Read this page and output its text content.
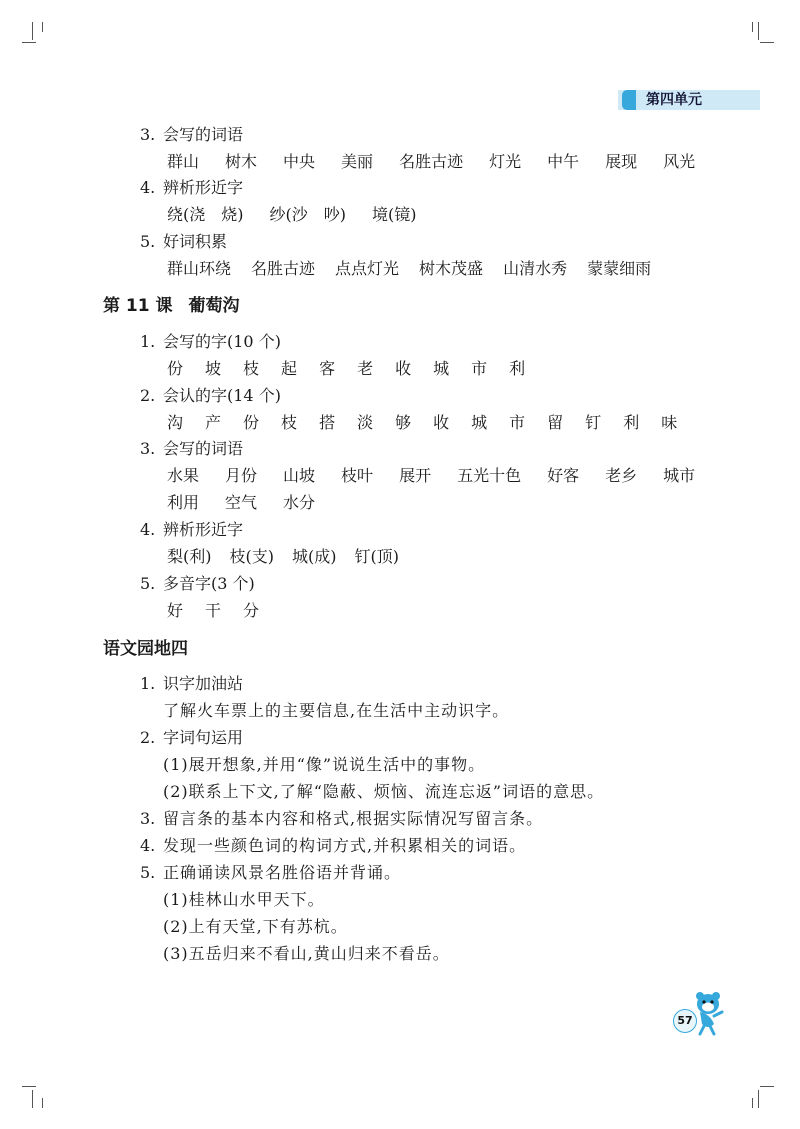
第四单元
3. 会写的词语
群山 树木 中央 美丽 名胜古迹 灯光 中午 展现 风光
4. 辨析形近字
绕(浇　烧) 纱(沙　吵) 境(镜)
5. 好词积累
群山环绕 名胜古迹 点点灯光 树木茂盛 山清水秀 蒙蒙细雨
第 11 课 葡萄沟
1. 会写的字(10 个)
份 坡 枝 起 客 老 收 城 市 利
2. 会认的字(14 个)
沟 产 份 枝 搭 淡 够 收 城 市 留 钉 利 味
3. 会写的词语
水果 月份 山坡 枝叶 展开 五光十色 好客 老乡 城市
利用 空气 水分
4. 辨析形近字
梨(利) 枝(支) 城(成) 钉(顶)
5. 多音字(3 个)
好 干 分
语文园地四
1. 识字加油站
了解火车票上的主要信息,在生活中主动识字。
2. 字词句运用
(1)展开想象,并用“像”说说生活中的事物。
(2)联系上下文,了解“隐蔽、烦恼、流连忘返”词语的意思。
3. 留言条的基本内容和格式,根据实际情况写留言条。
4. 发现一些颜色词的构词方式,并积累相关的词语。
5. 正确诵读风景名胜俗语并背诵。
(1)桂林山水甲天下。
(2)上有天堂,下有苏杭。
(3)五岳归来不看山,黄山归来不看岳。
57
